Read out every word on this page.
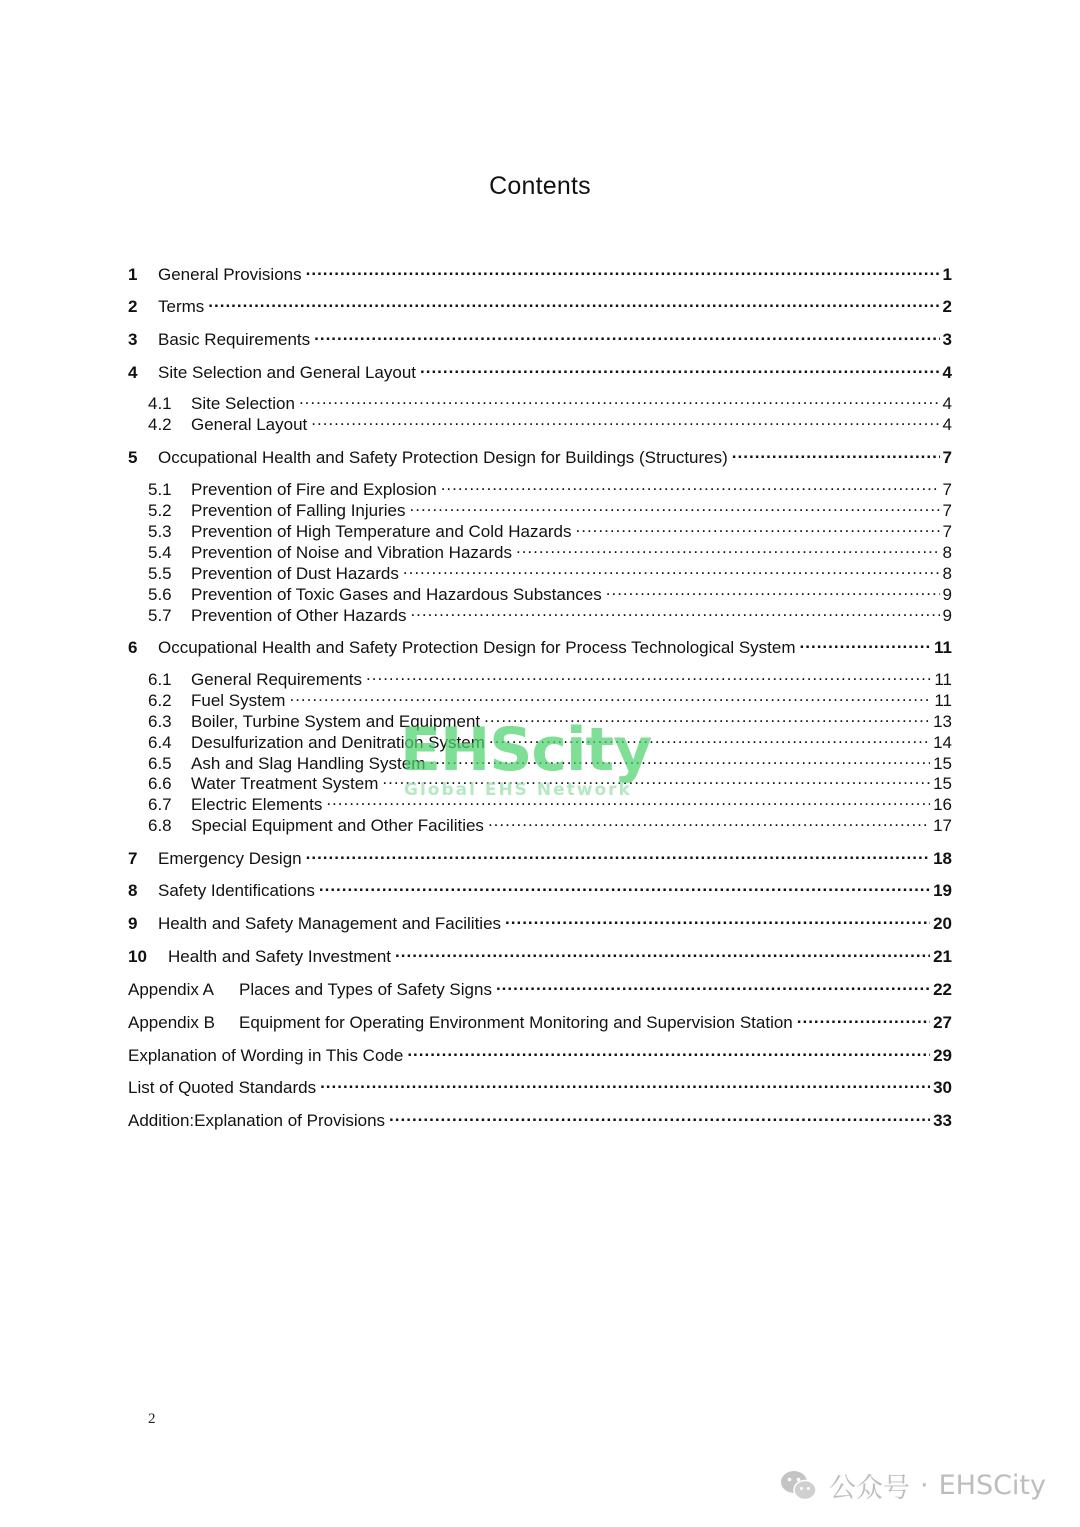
Contents
1	General Provisions .....	1
2	Terms .....	2
3	Basic Requirements .....	3
4	Site Selection and General Layout .....	4
4.1	Site Selection .....	4
4.2	General Layout .....	4
5	Occupational Health and Safety Protection Design for Buildings (Structures) .....	7
5.1	Prevention of Fire and Explosion .....	7
5.2	Prevention of Falling Injuries .....	7
5.3	Prevention of High Temperature and Cold Hazards .....	7
5.4	Prevention of Noise and Vibration Hazards .....	8
5.5	Prevention of Dust Hazards .....	8
5.6	Prevention of Toxic Gases and Hazardous Substances .....	9
5.7	Prevention of Other Hazards .....	9
6	Occupational Health and Safety Protection Design for Process Technological System .....	11
6.1	General Requirements .....	11
6.2	Fuel System .....	11
6.3	Boiler, Turbine System and Equipment .....	13
6.4	Desulfurization and Denitration System .....	14
6.5	Ash and Slag Handling System .....	15
6.6	Water Treatment System .....	15
6.7	Electric Elements .....	16
6.8	Special Equipment and Other Facilities .....	17
7	Emergency Design .....	18
8	Safety Identifications .....	19
9	Health and Safety Management and Facilities .....	20
10	Health and Safety Investment .....	21
Appendix A	Places and Types of Safety Signs .....	22
Appendix B	Equipment for Operating Environment Monitoring and Supervision Station .....	27
Explanation of Wording in This Code .....	29
List of Quoted Standards .....	30
Addition:Explanation of Provisions .....	33
EHScity
Global EHS Network
2
公众号 · EHSCity
